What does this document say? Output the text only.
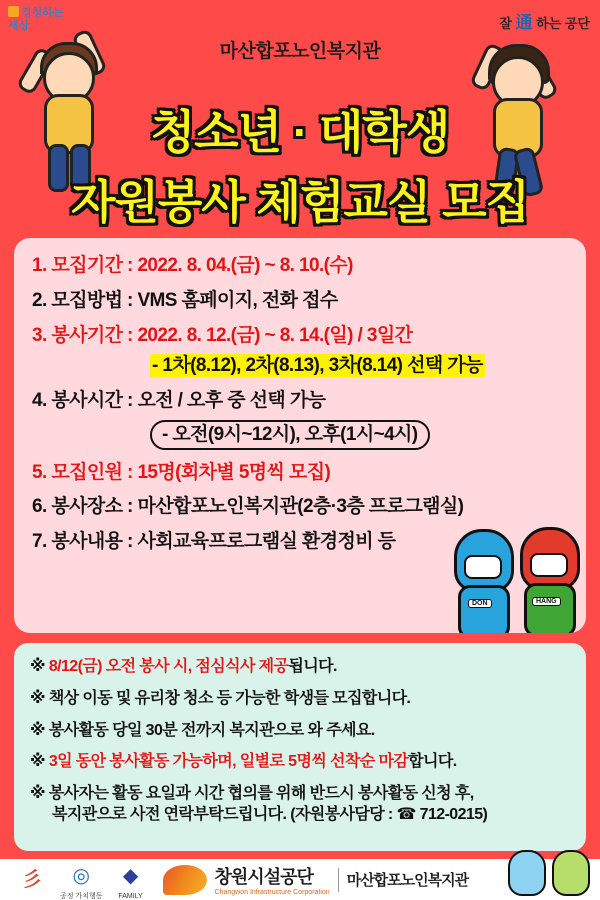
경청하는
세상	잘 通 하는 공단
마산합포노인복지관
청소년 · 대학생
자원봉사 체험교실 모집
1. 모집기간 : 2022. 8. 04.(금) ~ 8. 10.(수)
2. 모집방법 : VMS 홈페이지, 전화 접수
3. 봉사기간 : 2022. 8. 12.(금) ~ 8. 14.(일) / 3일간
- 1차(8.12), 2차(8.13), 3차(8.14) 선택 가능
4. 봉사시간 : 오전 / 오후 중 선택 가능
- 오전(9시~12시), 오후(1시~4시)
5. 모집인원 : 15명(회차별 5명씩 모집)
6. 봉사장소 : 마산합포노인복지관(2층·3층 프로그램실)
7. 봉사내용 : 사회교육프로그램실 환경정비 등
DON	HANG
※ 8/12(금) 오전 봉사 시, 점심식사 제공됩니다.
※ 책상 이동 및 유리창 청소 등 가능한 학생들 모집합니다.
※ 봉사활동 당일 30분 전까지 복지관으로 와 주세요.
※ 3일 동안 봉사활동 가능하며, 일별로 5명씩 선착순 마감합니다.
※ 봉사자는 활동 요일과 시간 협의를 위해 반드시 봉사활동 신청 후,
복지관으로 사전 연락부탁드립니다. (자원봉사담당 : ☎ 712-0215)
彡	◎
공정 가치행동
◆
FAMILY
창원시설공단
Changwon Infrastructure Corporation
마산합포노인복지관
